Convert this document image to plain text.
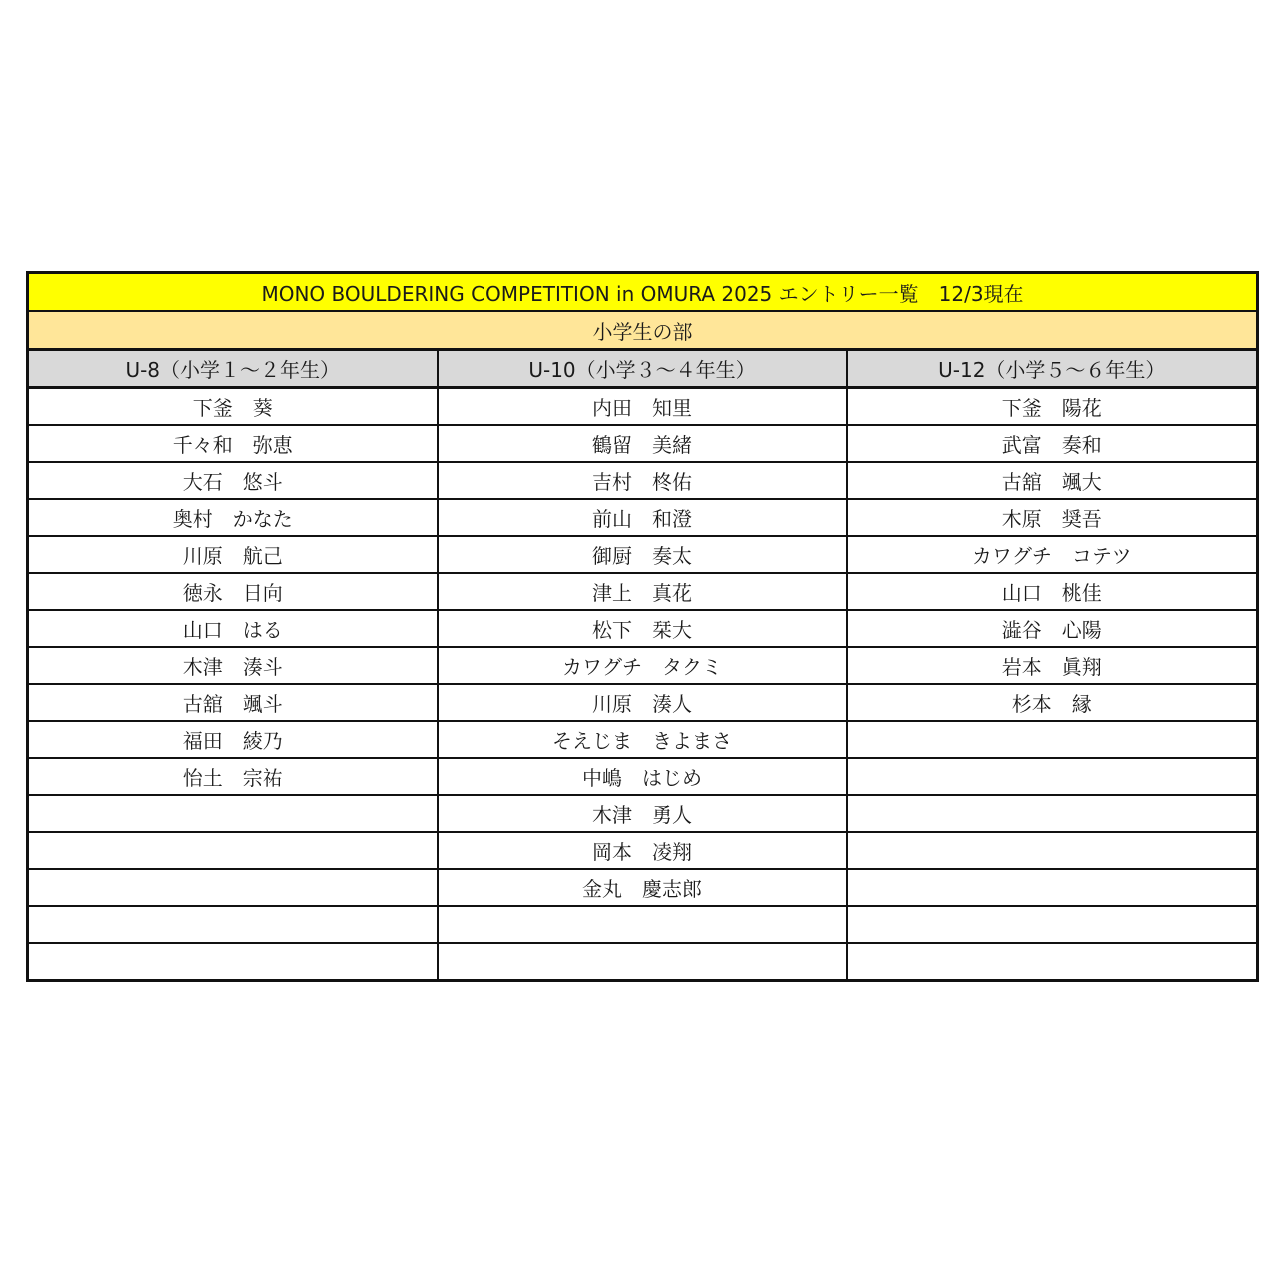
MONO BOULDERING COMPETITION in OMURA 2025 エントリー一覧　12/3現在		
小学生の部		
U-8（小学１～２年生）	U-10（小学３～４年生）	U-12（小学５～６年生）
下釜　葵	内田　知里	下釜　陽花
千々和　弥恵	鶴留　美緒	武富　奏和
大石　悠斗	吉村　柊佑	古舘　颯大
奥村　かなた	前山　和澄	木原　奨吾
川原　航己	御厨　奏太	カワグチ　コテツ
徳永　日向	津上　真花	山口　桃佳
山口　はる	松下　栞大	澁谷　心陽
木津　湊斗	カワグチ　タクミ	岩本　眞翔
古舘　颯斗	川原　湊人	杉本　縁
福田　綾乃	そえじま　きよまさ	
怡土　宗祐	中嶋　はじめ	
	木津　勇人	
	岡本　凌翔	
	金丸　慶志郎	
